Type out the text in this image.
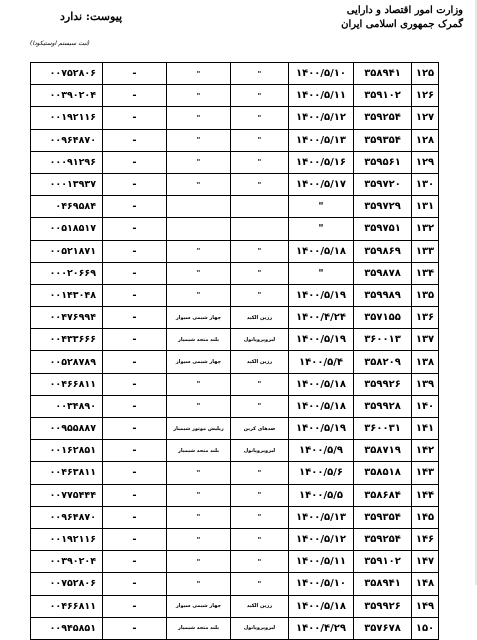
وزارت امور اقتصاد و دارایی
گمرک جمهوری اسلامی ایران
پیوست: ندارد
(ثبت سیستم اوستیکودا)
۰۰۷۵۲۸۰۶	-	"	"	۱۴۰۰/۵/۱۰	۳۵۸۹۴۱	۱۲۵
۰۰۳۹۰۲۰۴	-	"	"	۱۴۰۰/۵/۱۱	۳۵۹۱۰۲	۱۲۶
۰۰۱۹۲۱۱۶	-	"	"	۱۴۰۰/۵/۱۲	۳۵۹۲۵۴	۱۲۷
۰۰۹۶۴۸۷۰	-	"	"	۱۴۰۰/۵/۱۳	۳۵۹۳۵۴	۱۲۸
۰۰۰۹۱۲۹۶	-	"	"	۱۴۰۰/۵/۱۶	۳۵۹۵۶۱	۱۲۹
۰۰۰۱۳۹۳۷	-	"	"	۱۴۰۰/۵/۱۷	۳۵۹۷۲۰	۱۳۰
۰۴۶۹۵۸۴	-			"	۳۵۹۷۲۹	۱۳۱
۰۰۵۱۸۵۱۷	-			"	۳۵۹۷۵۱	۱۳۲
۰۰۵۲۱۸۷۱	-	"	"	۱۴۰۰/۵/۱۸	۳۵۹۸۶۹	۱۳۳
۰۰۰۲۰۶۶۹	-	"	"	"	۳۵۹۸۷۸	۱۳۴
۰۰۱۴۳۰۴۸	-	"	"	۱۴۰۰/۵/۱۹	۳۵۹۹۸۹	۱۳۵
۰۰۴۷۶۹۹۴	-	چهار شیمی سیوار	رزین الکید	۱۴۰۰/۴/۲۴	۳۵۷۱۵۵	۱۳۶
۰۰۴۳۳۶۶۶	-	بلند متحد شیمیار	لیزوپروپانول	۱۴۰۰/۵/۱۹	۳۶۰۰۱۳	۱۳۷
۰۰۵۲۸۷۸۹	-	چهار شیمی سیوار	رزین الکید	۱۴۰۰/۵/۴	۳۵۸۲۰۹	۱۳۸
۰۰۴۶۶۸۱۱	-	"	"	۱۴۰۰/۵/۱۸	۳۵۹۹۲۶	۱۳۹
۰۰۳۴۸۹۰	-	"	"	۱۴۰۰/۵/۱۸	۳۵۹۹۲۸	۱۴۰
۰۰۹۵۵۸۸۷	-	ریلیش موتور شیمیار	ضد‌های کربن	۱۴۰۰/۵/۱۹	۳۶۰۰۳۱	۱۴۱
۰۰۱۶۲۸۵۱	-	بلند متحد شیمیار	لیزوپروپانول	۱۴۰۰/۵/۹	۳۵۸۷۱۹	۱۴۲
۰۰۴۶۳۸۱۱	-	"	"	۱۴۰۰/۵/۶	۳۵۸۵۱۸	۱۴۳
۰۰۷۷۵۴۴۴	-	"	"	۱۴۰۰/۵/۵	۳۵۸۶۸۴	۱۴۴
۰۰۹۶۴۸۷۰	-	"	"	۱۴۰۰/۵/۱۳	۳۵۹۳۵۴	۱۴۵
۰۰۱۹۲۱۱۶	-	"	"	۱۴۰۰/۵/۱۲	۳۵۹۲۵۴	۱۴۶
۰۰۳۹۰۲۰۴	-	"	"	۱۴۰۰/۵/۱۱	۳۵۹۱۰۲	۱۴۷
۰۰۷۵۲۸۰۶	-	"	"	۱۴۰۰/۵/۱۰	۳۵۸۹۴۱	۱۴۸
۰۰۴۶۶۸۱۱	-	چهار شیمی سیوار	رزین الکید	۱۴۰۰/۵/۱۸	۳۵۹۹۲۶	۱۴۹
۰۰۹۴۵۸۵۱	-	بلند متحد شیمیار	لیزوپروپانول	۱۴۰۰/۴/۲۹	۳۵۷۶۷۸	۱۵۰
